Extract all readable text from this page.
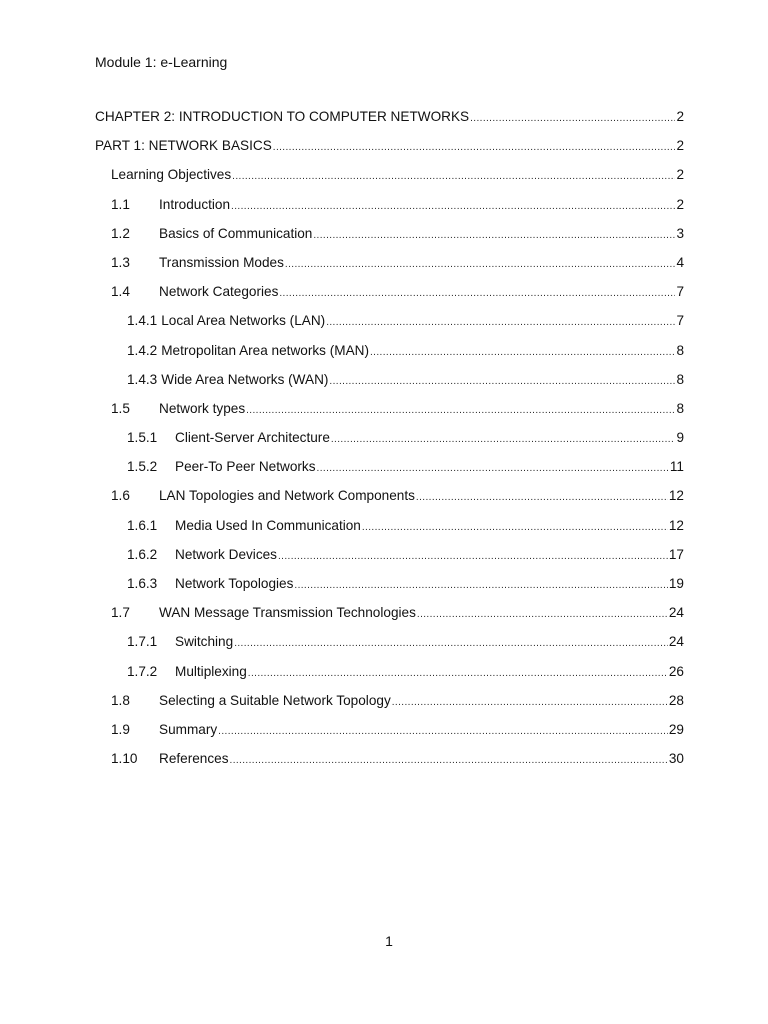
Module 1: e-Learning
CHAPTER 2: INTRODUCTION TO COMPUTER NETWORKS .....	2
PART 1: NETWORK BASICS .....	2
Learning Objectives .....	2
1.1	Introduction .....	2
1.2	Basics of Communication .....	3
1.3	Transmission Modes .....	4
1.4	Network Categories .....	7
1.4.1 Local Area Networks (LAN) .....	7
1.4.2 Metropolitan Area networks (MAN) .....	8
1.4.3 Wide Area Networks (WAN) .....	8
1.5	Network types .....	8
1.5.1	Client-Server Architecture .....	9
1.5.2	Peer-To Peer Networks .....	11
1.6	LAN Topologies and Network Components .....	12
1.6.1	Media Used In Communication .....	12
1.6.2	Network Devices .....	17
1.6.3	Network Topologies .....	19
1.7	WAN Message Transmission Technologies .....	24
1.7.1	Switching .....	24
1.7.2	Multiplexing .....	26
1.8	Selecting a Suitable Network Topology .....	28
1.9	Summary .....	29
1.10	References .....	30
1
